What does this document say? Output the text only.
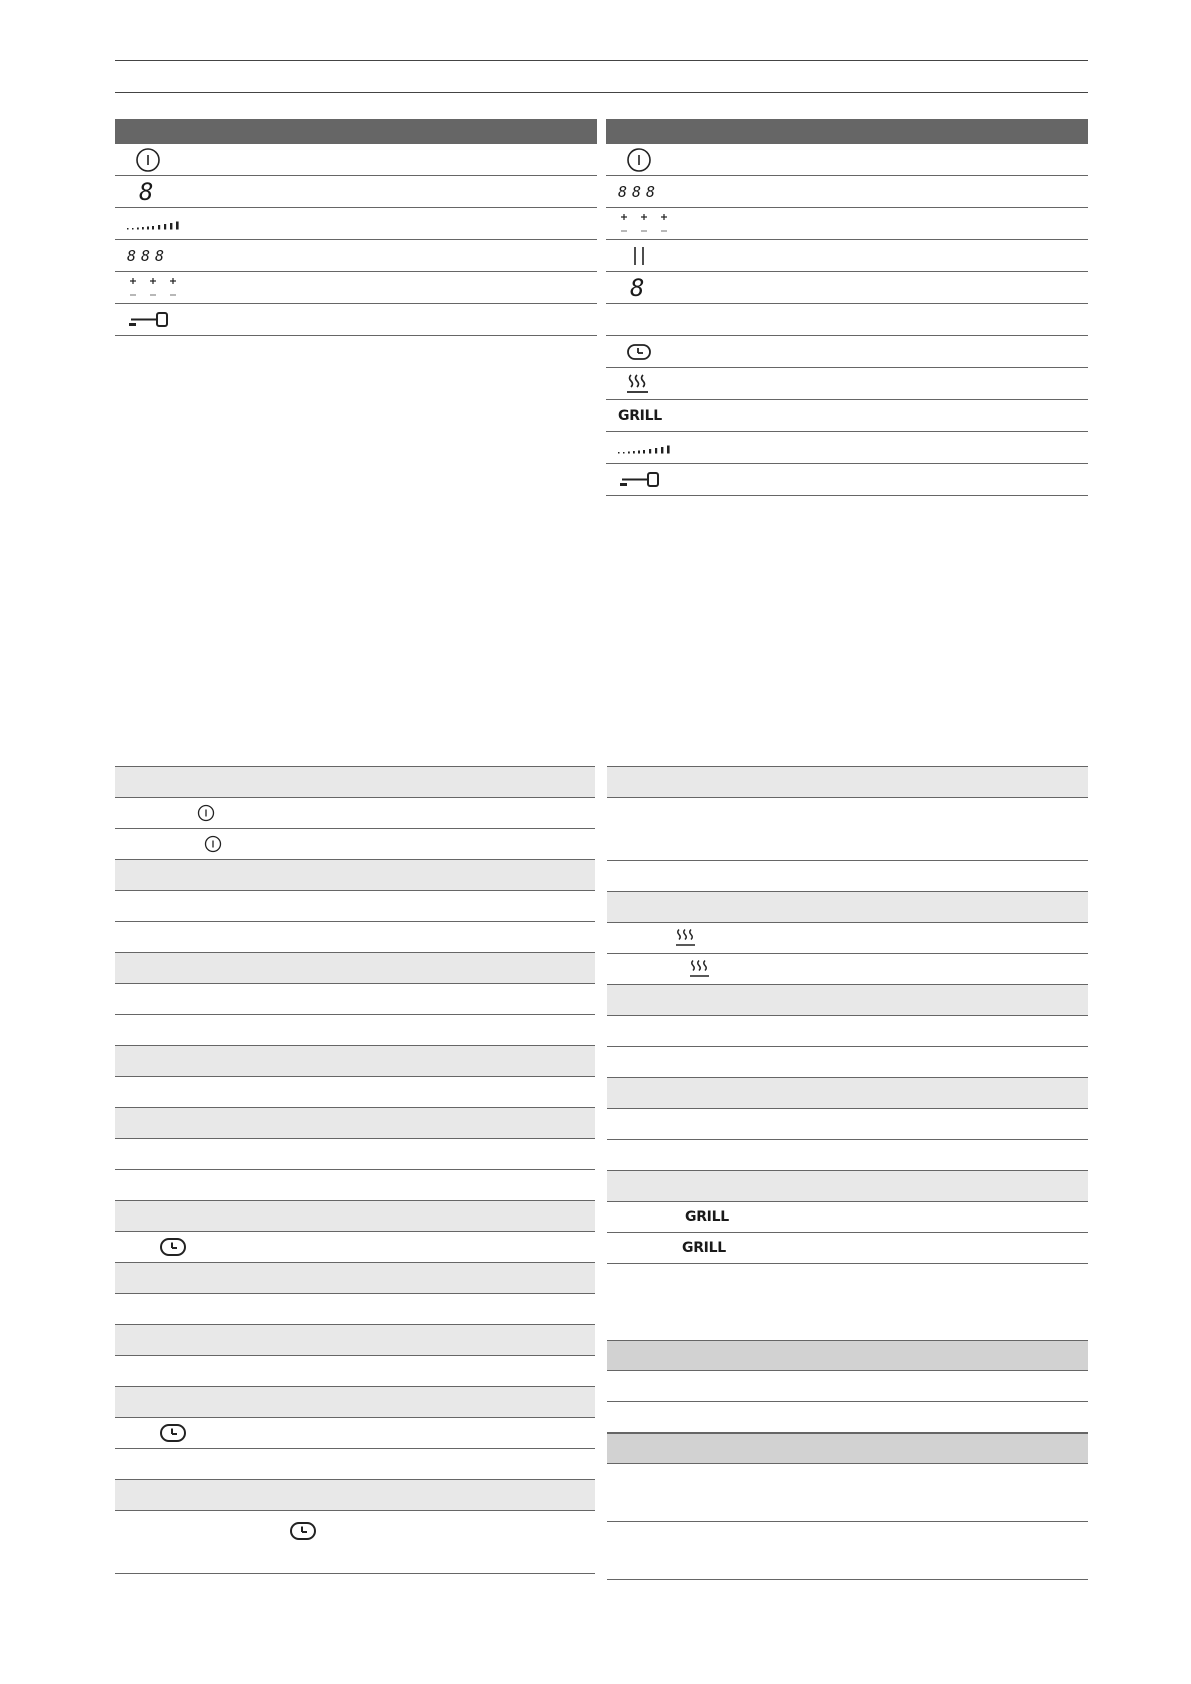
8
888
888
8
GRILL
GRILL
GRILL
